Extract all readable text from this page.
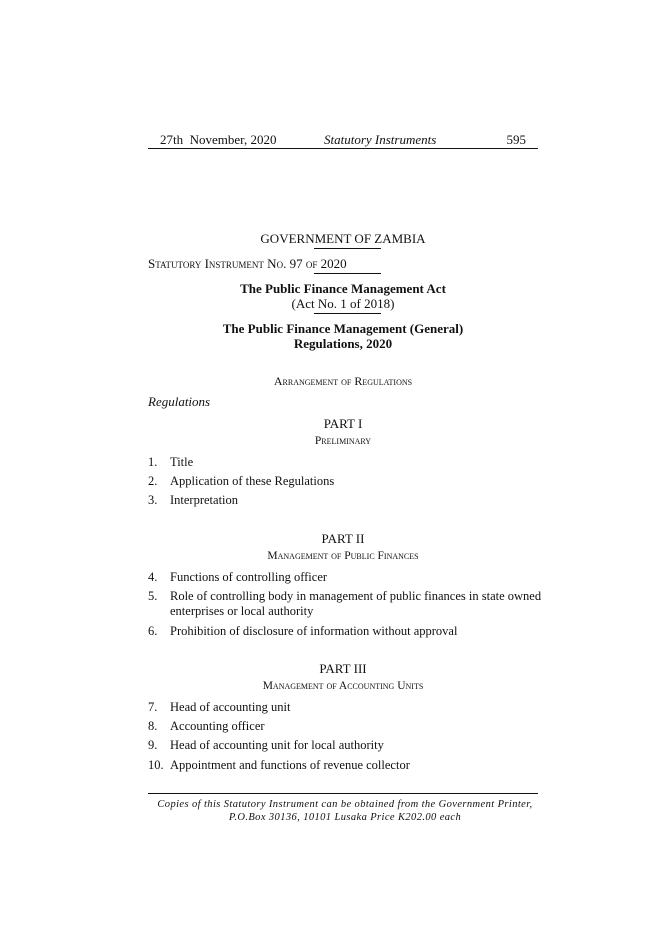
27th  November, 2020	Statutory Instruments	595
GOVERNMENT OF ZAMBIA
Statutory Instrument No. 97 of 2020
The Public Finance Management Act
(Act No. 1 of 2018)
The Public Finance Management (General)
Regulations, 2020
Arrangement of Regulations
Regulations
PART I
Preliminary
1. Title
2. Application of these Regulations
3. Interpretation
PART II
Management of Public Finances
4. Functions of controlling officer
5. Role of controlling body in management of public finances in state owned enterprises or local authority
6. Prohibition of disclosure of information without approval
PART III
Management of Accounting Units
7. Head of accounting unit
8. Accounting officer
9. Head of accounting unit for local authority
10. Appointment and functions of revenue collector
Copies of this Statutory Instrument can be obtained from the Government Printer,
P.O.Box 30136, 10101 Lusaka Price K202.00 each
